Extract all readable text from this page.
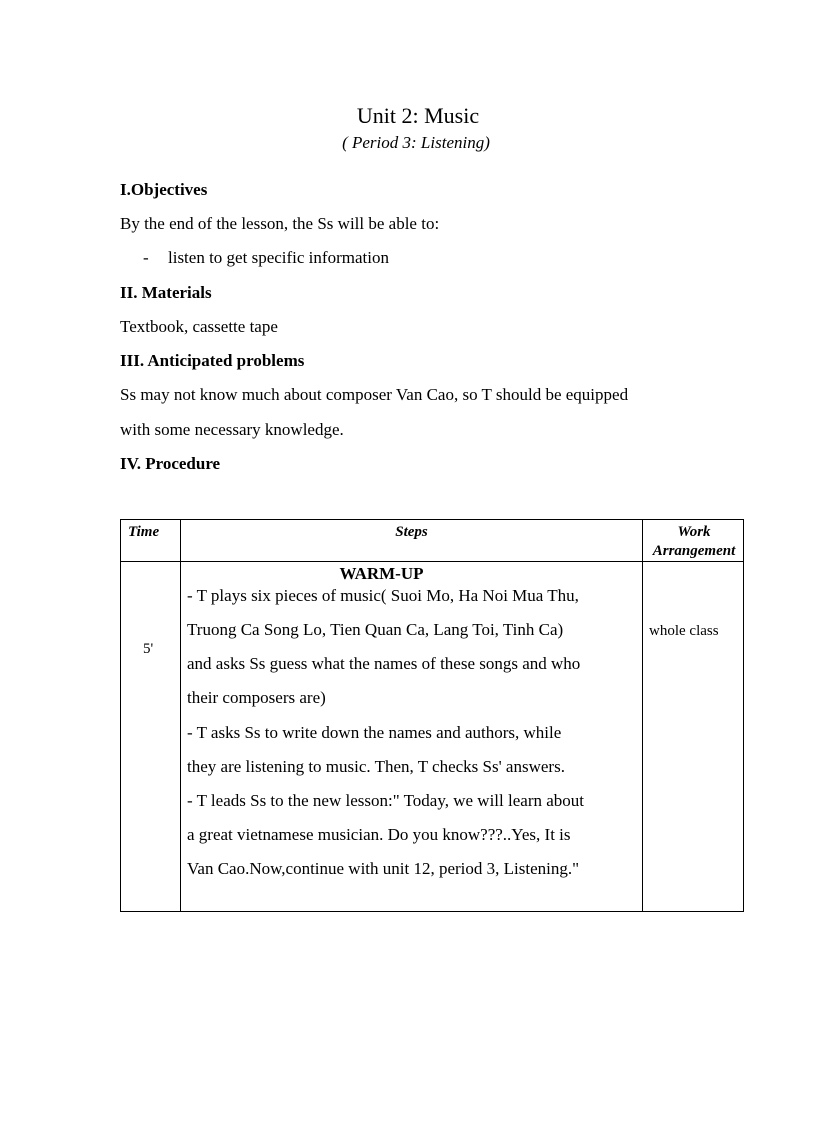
Unit 2: Music
( Period 3: Listening)
I.Objectives
By the end of the lesson, the Ss will be able to:
- listen to get specific information
II. Materials
Textbook, cassette tape
III. Anticipated problems
Ss may not know much about composer Van Cao, so T should be equipped
with some necessary knowledge.
IV. Procedure
Time	Steps	Work
Arrangement
5'
WARM-UP
- T plays six pieces of music( Suoi Mo, Ha Noi Mua Thu,
Truong Ca Song Lo, Tien Quan Ca, Lang Toi, Tinh Ca)
and asks Ss guess what the names of these songs and who
their composers are)
- T asks Ss to write down the names and authors, while
they are listening to music. Then, T checks Ss' answers.
- T leads Ss to the new lesson:" Today, we will learn about
a great vietnamese musician. Do you know???..Yes, It is
Van Cao.Now,continue with unit 12, period 3, Listening."
whole class
